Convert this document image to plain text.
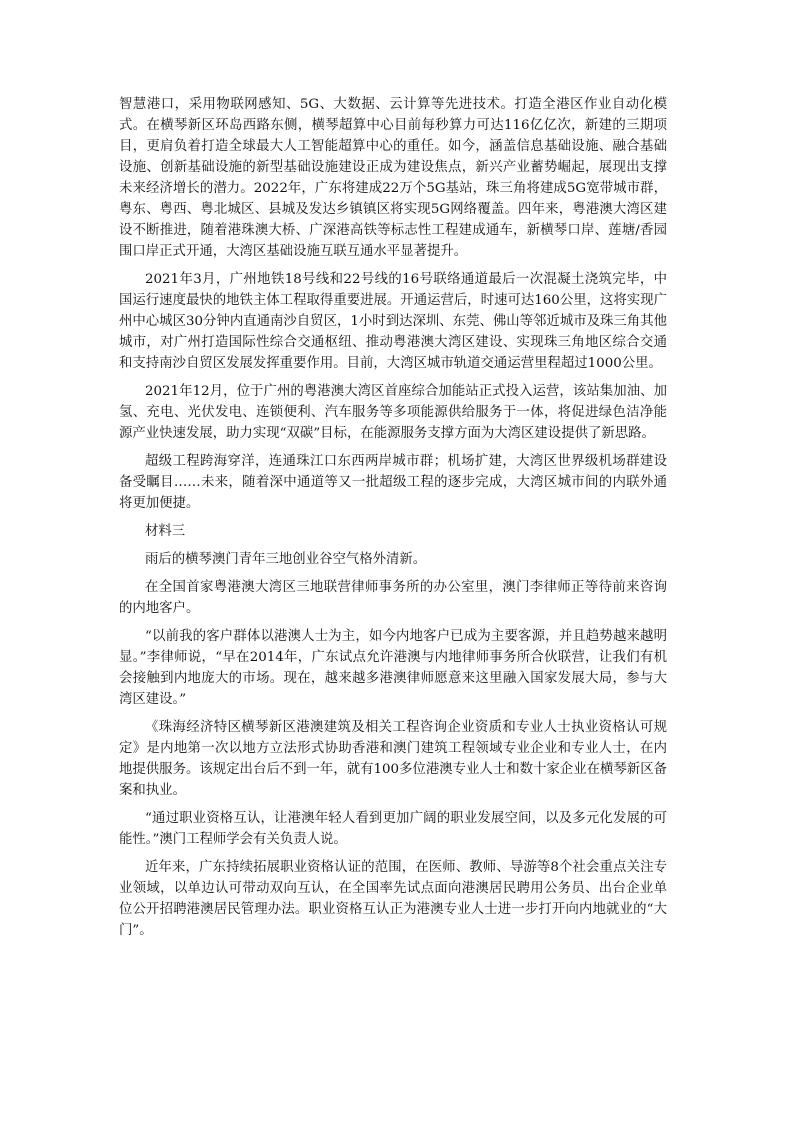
智慧港口，采用物联网感知、5G、大数据、云计算等先进技术。打造全港区作业自动化模式。在横琴新区环岛西路东侧，横琴超算中心目前每秒算力可达116亿亿次，新建的三期项目，更肩负着打造全球最大人工智能超算中心的重任。如今，涵盖信息基础设施、融合基础设施、创新基础设施的新型基础设施建设正成为建设焦点，新兴产业蓄势崛起，展现出支撑未来经济增长的潜力。2022年，广东将建成22万个5G基站，珠三角将建成5G宽带城市群，粤东、粤西、粤北城区、县城及发达乡镇镇区将实现5G网络覆盖。四年来，粤港澳大湾区建设不断推进，随着港珠澳大桥、广深港高铁等标志性工程建成通车，新横琴口岸、莲塘/香园围口岸正式开通，大湾区基础设施互联互通水平显著提升。

2021年3月，广州地铁18号线和22号线的16号联络通道最后一次混凝土浇筑完毕，中国运行速度最快的地铁主体工程取得重要进展。开通运营后，时速可达160公里，这将实现广州中心城区30分钟内直通南沙自贸区，1小时到达深圳、东莞、佛山等邻近城市及珠三角其他城市，对广州打造国际性综合交通枢纽、推动粤港澳大湾区建设、实现珠三角地区综合交通和支持南沙自贸区发展发挥重要作用。目前，大湾区城市轨道交通运营里程超过1000公里。

2021年12月，位于广州的粤港澳大湾区首座综合加能站正式投入运营，该站集加油、加氢、充电、光伏发电、连锁便利、汽车服务等多项能源供给服务于一体，将促进绿色洁净能源产业快速发展，助力实现“双碳”目标，在能源服务支撑方面为大湾区建设提供了新思路。

超级工程跨海穿洋，连通珠江口东西两岸城市群；机场扩建，大湾区世界级机场群建设备受瞩目……未来，随着深中通道等又一批超级工程的逐步完成，大湾区城市间的内联外通将更加便捷。

材料三

雨后的横琴澳门青年三地创业谷空气格外清新。

在全国首家粤港澳大湾区三地联营律师事务所的办公室里，澳门李律师正等待前来咨询的内地客户。

“以前我的客户群体以港澳人士为主，如今内地客户已成为主要客源，并且趋势越来越明显。”李律师说，“早在2014年，广东试点允许港澳与内地律师事务所合伙联营，让我们有机会接触到内地庞大的市场。现在，越来越多港澳律师愿意来这里融入国家发展大局，参与大湾区建设。”

《珠海经济特区横琴新区港澳建筑及相关工程咨询企业资质和专业人士执业资格认可规定》是内地第一次以地方立法形式协助香港和澳门建筑工程领域专业企业和专业人士，在内地提供服务。该规定出台后不到一年，就有100多位港澳专业人士和数十家企业在横琴新区备案和执业。

“通过职业资格互认，让港澳年轻人看到更加广阔的职业发展空间，以及多元化发展的可能性。”澳门工程师学会有关负责人说。

近年来，广东持续拓展职业资格认证的范围，在医师、教师、导游等8个社会重点关注专业领域，以单边认可带动双向互认，在全国率先试点面向港澳居民聘用公务员、出台企业单位公开招聘港澳居民管理办法。职业资格互认正为港澳专业人士进一步打开向内地就业的“大门”。
